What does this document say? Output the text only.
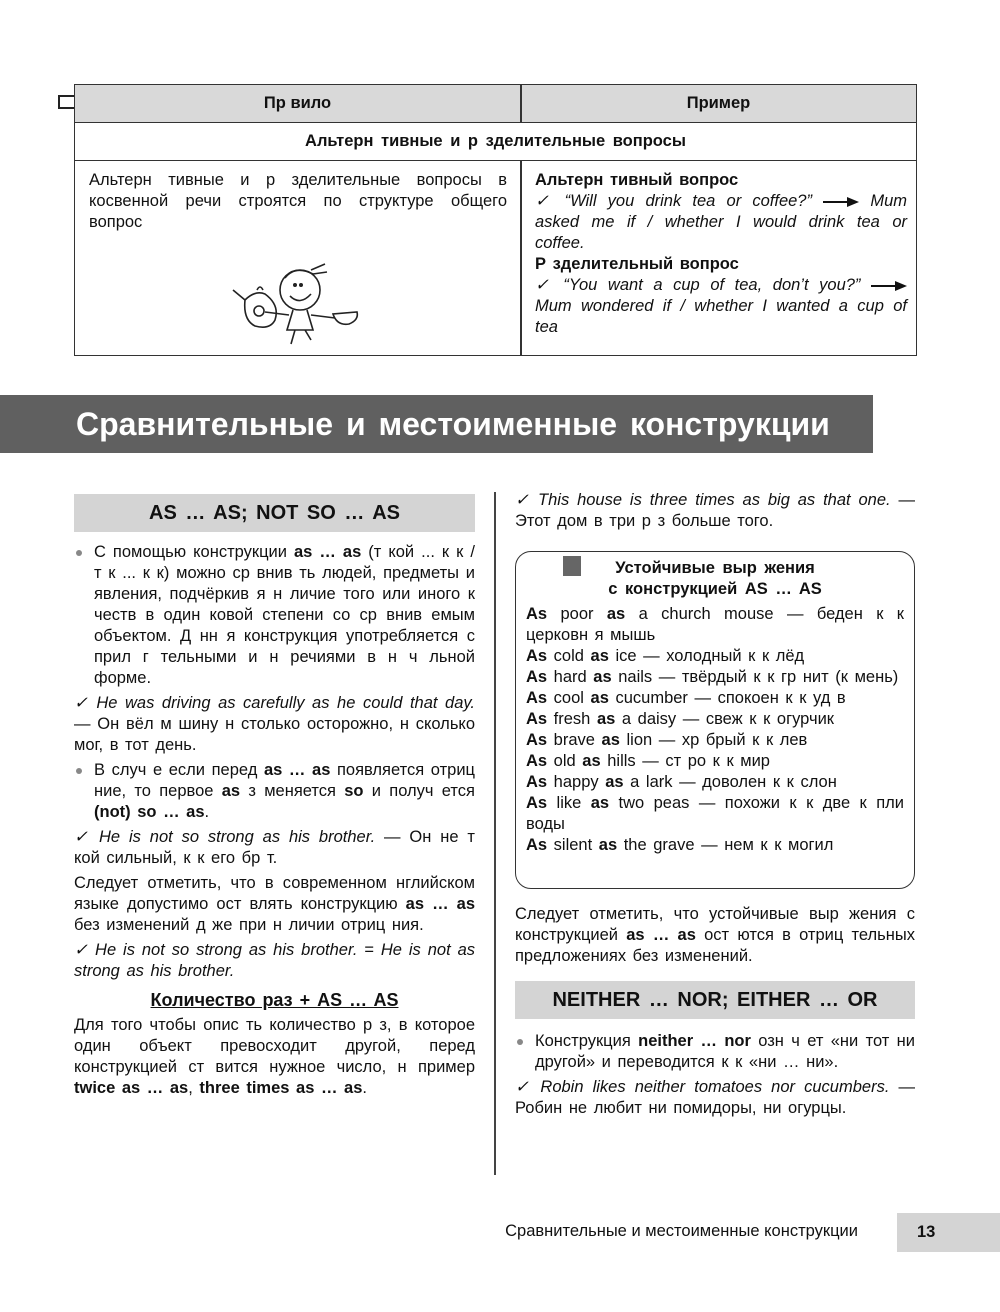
Пр вило	Пример
Альтерн тивные и р зделительные вопросы
Альтерн тивные и р зделительные вопросы в косвенной речи строятся по структуре общего вопрос
Альтерн тивный вопрос
✓ “Will you drink tea or coffee?”  Mum asked me if / whether I would drink tea or coffee.
Р зделительный вопрос
✓ “You want a cup of tea, don’t you?”  Mum wondered if / whether I wanted a cup of tea
Сравнительные и местоименные конструкции
AS … AS; NOT SO … AS
С помощью конструкции as … as (т кой ... к к / т к ... к к) можно ср внив ть людей, предметы и явления, подчёркив я н личие того или иного к честв в один ковой степени со ср внив емым объектом. Д нн я конструкция употребляется с прил г тельными и н речиями в н ч льной форме.
✓ He was driving as carefully as he could that day. — Он вёл м шину н столько осторожно, н сколько мог, в тот день.
В случ е если перед as … as появляется отриц ние, то первое as з меняется so и получ ется (not) so … as.
✓ He is not so strong as his brother. — Он не т кой сильный, к к его бр т.
Следует отметить, что в современном нглийском языке допустимо ост влять конструкцию as … as без изменений д же при н личии отриц ния.
✓ He is not so strong as his brother. = He is not as strong as his brother.
Количество раз + AS … AS
Для того чтобы опис ть количество р з, в которое один объект превосходит другой, перед конструкцией ст вится нужное число, н пример twice as … as, three times as … as.
✓ This house is three times as big as that one. — Этот дом в три р з больше того.
Устойчивые выр жения
с конструкцией AS … AS
As poor as a church mouse — беден к к церковн я мышь
As cold as ice — холодный к к лёд
As hard as nails — твёрдый к к гр нит (к мень)
As cool as cucumber — спокоен к к уд в
As fresh as a daisy — свеж к к огурчик
As brave as lion — хр брый к к лев
As old as hills — ст ро к к мир
As happy as a lark — доволен к к слон
As like as two peas — похожи к к две к пли воды
As silent as the grave — нем к к могил
Следует отметить, что устойчивые выр жения с конструкцией as … as ост ются в отриц тельных предложениях без изменений.
NEITHER … NOR; EITHER … OR
Конструкция neither … nor озн ч ет «ни тот ни другой» и переводится к к «ни … ни».
✓ Robin likes neither tomatoes nor cucumbers. — Робин не любит ни помидоры, ни огурцы.
Сравнительные и местоименные конструкции	13
